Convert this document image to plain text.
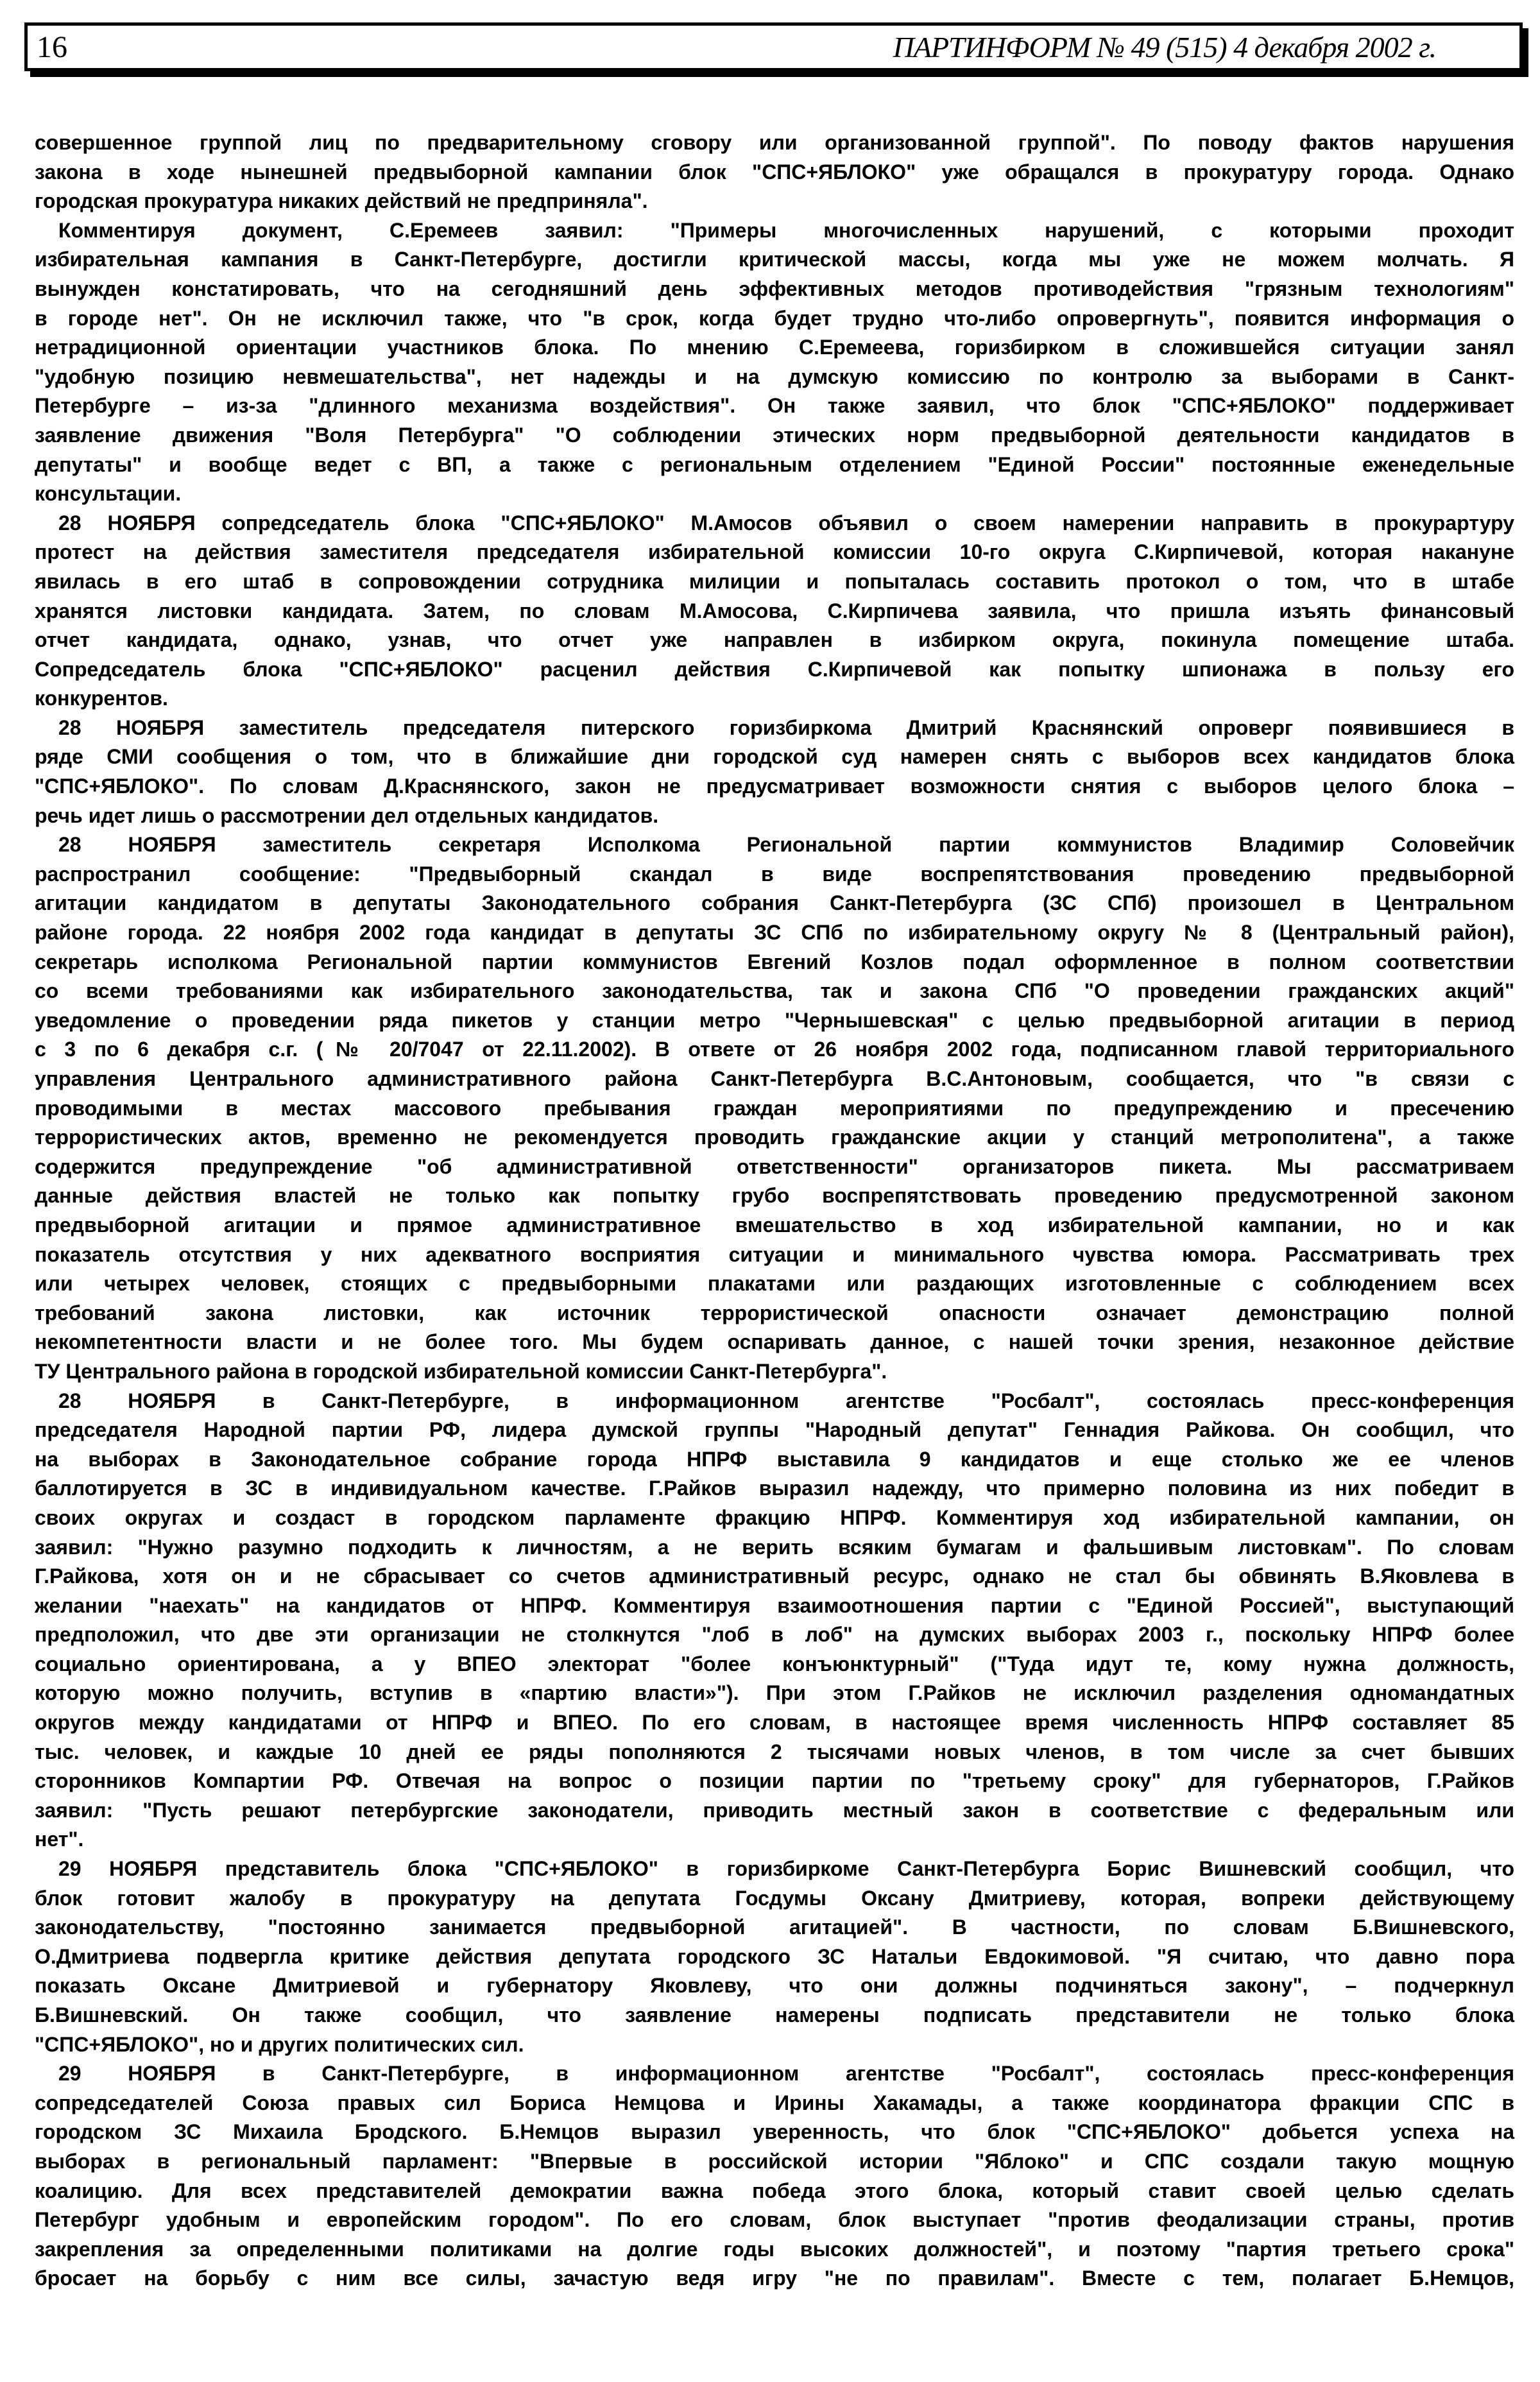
16	ПАРТИНФОРМ № 49 (515) 4 декабря 2002 г.
совершенное группой лиц по предварительному сговору или организованной группой". По поводу фактов нарушения
закона в ходе нынешней предвыборной кампании блок "СПС+ЯБЛОКО" уже обращался в прокуратуру города. Однако
городская прокуратура никаких действий не предприняла".
Комментируя документ, С.Еремеев заявил: "Примеры многочисленных нарушений, с которыми проходит
избирательная кампания в Санкт-Петербурге, достигли критической массы, когда мы уже не можем молчать. Я
вынужден констатировать, что на сегодняшний день эффективных методов противодействия "грязным технологиям"
в городе нет". Он не исключил также, что "в срок, когда будет трудно что-либо опровергнуть", появится информация о
нетрадиционной ориентации участников блока. По мнению С.Еремеева, горизбирком в сложившейся ситуации занял
"удобную позицию невмешательства", нет надежды и на думскую комиссию по контролю за выборами в Санкт-
Петербурге – из-за "длинного механизма воздействия". Он также заявил, что блок "СПС+ЯБЛОКО" поддерживает
заявление движения "Воля Петербурга" "О соблюдении этических норм предвыборной деятельности кандидатов в
депутаты" и вообще ведет с ВП, а также с региональным отделением "Единой России" постоянные еженедельные
консультации.
28 НОЯБРЯ сопредседатель блока "СПС+ЯБЛОКО" М.Амосов объявил о своем намерении направить в прокурартуру
протест на действия заместителя председателя избирательной комиссии 10-го округа С.Кирпичевой, которая накануне
явилась в его штаб в сопровождении сотрудника милиции и попыталась составить протокол о том, что в штабе
хранятся листовки кандидата. Затем, по словам М.Амосова, С.Кирпичева заявила, что пришла изъять финансовый
отчет кандидата, однако, узнав, что отчет уже направлен в избирком округа, покинула помещение штаба.
Сопредседатель блока "СПС+ЯБЛОКО" расценил действия С.Кирпичевой как попытку шпионажа в пользу его
конкурентов.
28 НОЯБРЯ заместитель председателя питерского горизбиркома Дмитрий Краснянский опроверг появившиеся в
ряде СМИ сообщения о том, что в ближайшие дни городской суд намерен снять с выборов всех кандидатов блока
"СПС+ЯБЛОКО". По словам Д.Краснянского, закон не предусматривает возможности снятия с выборов целого блока –
речь идет лишь о рассмотрении дел отдельных кандидатов.
28 НОЯБРЯ заместитель секретаря Исполкома Региональной партии коммунистов Владимир Соловейчик
распространил сообщение: "Предвыборный скандал в виде воспрепятствования проведению предвыборной
агитации кандидатом в депутаты Законодательного собрания Санкт-Петербурга (ЗС СПб) произошел в Центральном
районе города. 22 ноября 2002 года кандидат в депутаты ЗС СПб по избирательному округу № 8 (Центральный район),
секретарь исполкома Региональной партии коммунистов Евгений Козлов подал оформленное в полном соответствии
со всеми требованиями как избирательного законодательства, так и закона СПб "О проведении гражданских акций"
уведомление о проведении ряда пикетов у станции метро "Чернышевская" с целью предвыборной агитации в период
с 3 по 6 декабря с.г. (№ 20/7047 от 22.11.2002). В ответе от 26 ноября 2002 года, подписанном главой территориального
управления Центрального административного района Санкт-Петербурга В.С.Антоновым, сообщается, что "в связи с
проводимыми в местах массового пребывания граждан мероприятиями по предупреждению и пресечению
террористических актов, временно не рекомендуется проводить гражданские акции у станций метрополитена", а также
содержится предупреждение "об административной ответственности" организаторов пикета. Мы рассматриваем
данные действия властей не только как попытку грубо воспрепятствовать проведению предусмотренной законом
предвыборной агитации и прямое административное вмешательство в ход избирательной кампании, но и как
показатель отсутствия у них адекватного восприятия ситуации и минимального чувства юмора. Рассматривать трех
или четырех человек, стоящих с предвыборными плакатами или раздающих изготовленные с соблюдением всех
требований закона листовки, как источник террористической опасности означает демонстрацию полной
некомпетентности власти и не более того. Мы будем оспаривать данное, с нашей точки зрения, незаконное действие
ТУ Центрального района в городской избирательной комиссии Санкт-Петербурга".
28 НОЯБРЯ в Санкт-Петербурге, в информационном агентстве "Росбалт", состоялась пресс-конференция
председателя Народной партии РФ, лидера думской группы "Народный депутат" Геннадия Райкова. Он сообщил, что
на выборах в Законодательное собрание города НПРФ выставила 9 кандидатов и еще столько же ее членов
баллотируется в ЗС в индивидуальном качестве. Г.Райков выразил надежду, что примерно половина из них победит в
своих округах и создаст в городском парламенте фракцию НПРФ. Комментируя ход избирательной кампании, он
заявил: "Нужно разумно подходить к личностям, а не верить всяким бумагам и фальшивым листовкам". По словам
Г.Райкова, хотя он и не сбрасывает со счетов административный ресурс, однако не стал бы обвинять В.Яковлева в
желании "наехать" на кандидатов от НПРФ. Комментируя взаимоотношения партии с "Единой Россией", выступающий
предположил, что две эти организации не столкнутся "лоб в лоб" на думских выборах 2003 г., поскольку НПРФ более
социально ориентирована, а у ВПЕО электорат "более конъюнктурный" ("Туда идут те, кому нужна должность,
которую можно получить, вступив в «партию власти»"). При этом Г.Райков не исключил разделения одномандатных
округов между кандидатами от НПРФ и ВПЕО. По его словам, в настоящее время численность НПРФ составляет 85
тыс. человек, и каждые 10 дней ее ряды пополняются 2 тысячами новых членов, в том числе за счет бывших
сторонников Компартии РФ. Отвечая на вопрос о позиции партии по "третьему сроку" для губернаторов, Г.Райков
заявил: "Пусть решают петербургские законодатели, приводить местный закон в соответствие с федеральным или
нет".
29 НОЯБРЯ представитель блока "СПС+ЯБЛОКО" в горизбиркоме Санкт-Петербурга Борис Вишневский сообщил, что
блок готовит жалобу в прокуратуру на депутата Госдумы Оксану Дмитриеву, которая, вопреки действующему
законодательству, "постоянно занимается предвыборной агитацией". В частности, по словам Б.Вишневского,
О.Дмитриева подвергла критике действия депутата городского ЗС Натальи Евдокимовой. "Я считаю, что давно пора
показать Оксане Дмитриевой и губернатору Яковлеву, что они должны подчиняться закону", – подчеркнул
Б.Вишневский. Он также сообщил, что заявление намерены подписать представители не только блока
"СПС+ЯБЛОКО", но и других политических сил.
29 НОЯБРЯ в Санкт-Петербурге, в информационном агентстве "Росбалт", состоялась пресс-конференция
сопредседателей Союза правых сил Бориса Немцова и Ирины Хакамады, а также координатора фракции СПС в
городском ЗС Михаила Бродского. Б.Немцов выразил уверенность, что блок "СПС+ЯБЛОКО" добьется успеха на
выборах в региональный парламент: "Впервые в российской истории "Яблоко" и СПС создали такую мощную
коалицию. Для всех представителей демократии важна победа этого блока, который ставит своей целью сделать
Петербург удобным и европейским городом". По его словам, блок выступает "против феодализации страны, против
закрепления за определенными политиками на долгие годы высоких должностей", и поэтому "партия третьего срока"
бросает на борьбу с ним все силы, зачастую ведя игру "не по правилам". Вместе с тем, полагает Б.Немцов,
